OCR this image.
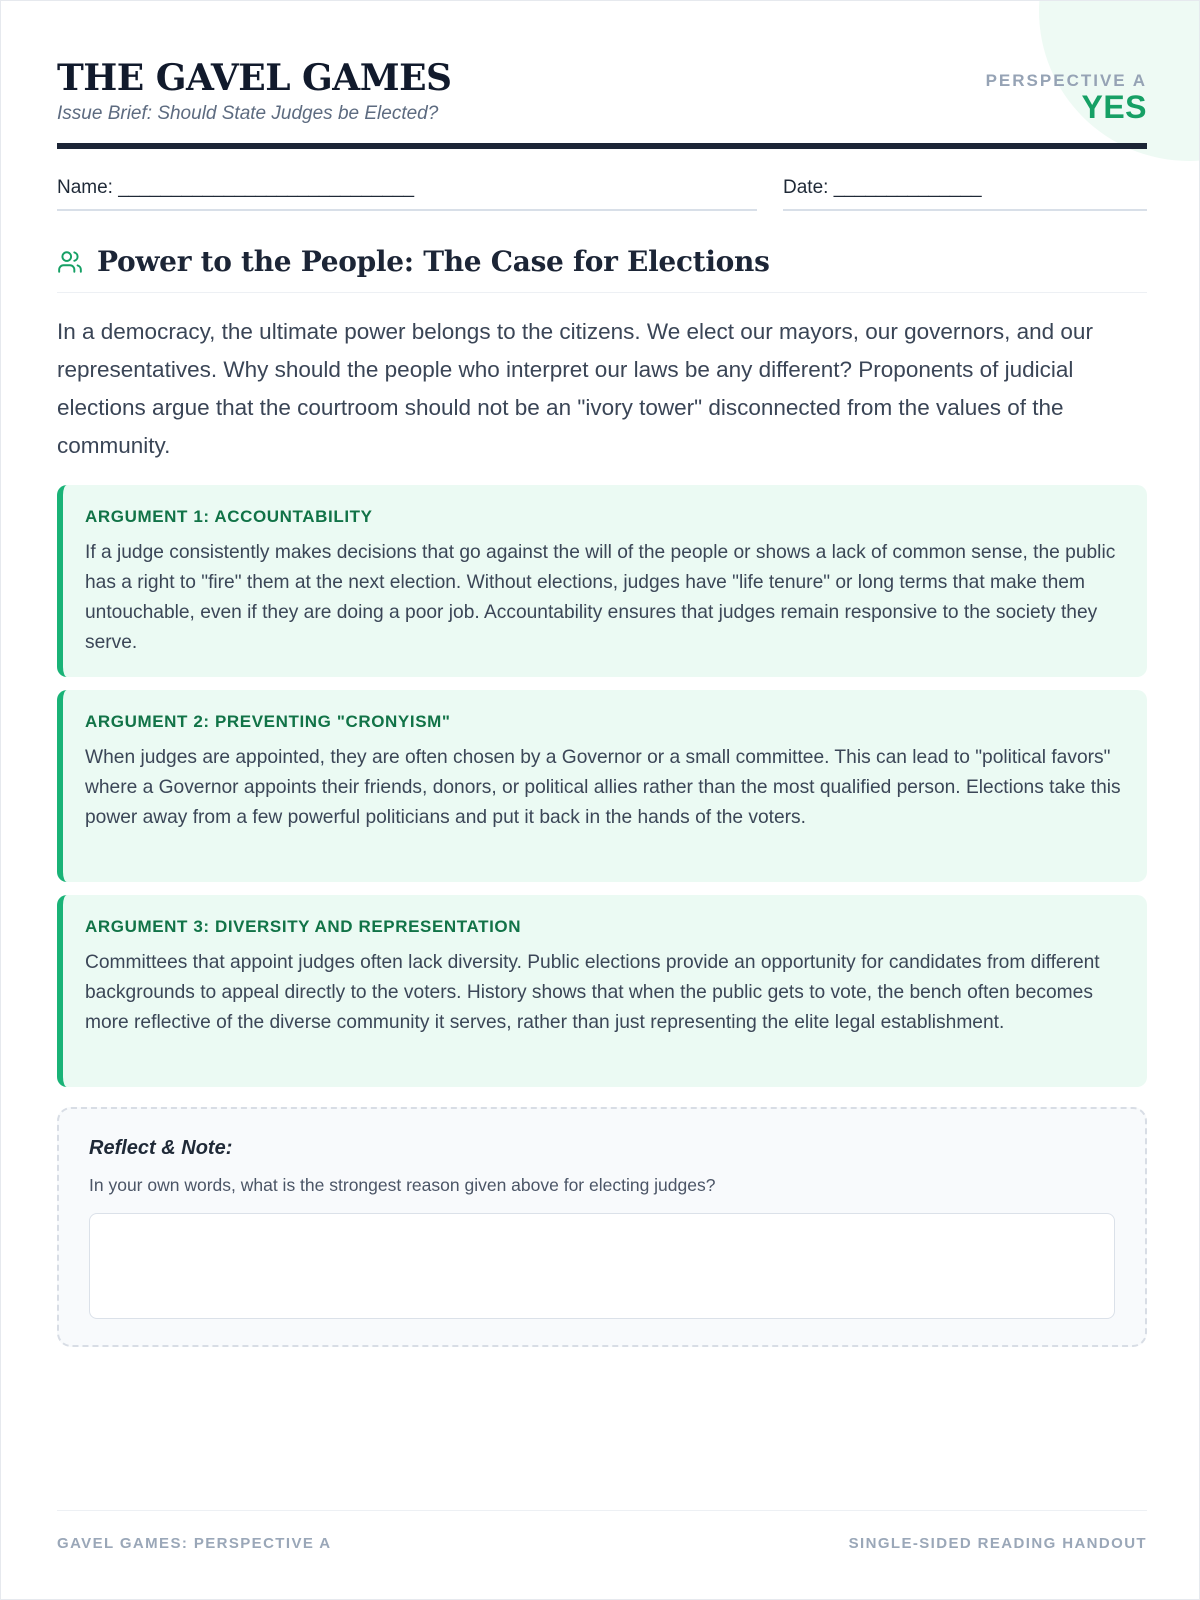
THE GAVEL GAMES
Issue Brief: Should State Judges be Elected?
PERSPECTIVE A
YES
Name: ____________________________	Date: ______________
Power to the People: The Case for Elections

In a democracy, the ultimate power belongs to the citizens. We elect our mayors, our governors, and our representatives. Why should the people who interpret our laws be any different? Proponents of judicial elections argue that the courtroom should not be an "ivory tower" disconnected from the values of the community.

ARGUMENT 1: ACCOUNTABILITY
If a judge consistently makes decisions that go against the will of the people or shows a lack of common sense, the public has a right to "fire" them at the next election. Without elections, judges have "life tenure" or long terms that make them untouchable, even if they are doing a poor job. Accountability ensures that judges remain responsive to the society they serve.
ARGUMENT 2: PREVENTING "CRONYISM"
When judges are appointed, they are often chosen by a Governor or a small committee. This can lead to "political favors" where a Governor appoints their friends, donors, or political allies rather than the most qualified person. Elections take this power away from a few powerful politicians and put it back in the hands of the voters.
ARGUMENT 3: DIVERSITY AND REPRESENTATION
Committees that appoint judges often lack diversity. Public elections provide an opportunity for candidates from different backgrounds to appeal directly to the voters. History shows that when the public gets to vote, the bench often becomes more reflective of the diverse community it serves, rather than just representing the elite legal establishment.
Reflect & Note:
In your own words, what is the strongest reason given above for electing judges?
GAVEL GAMES: PERSPECTIVE A	SINGLE-SIDED READING HANDOUT
